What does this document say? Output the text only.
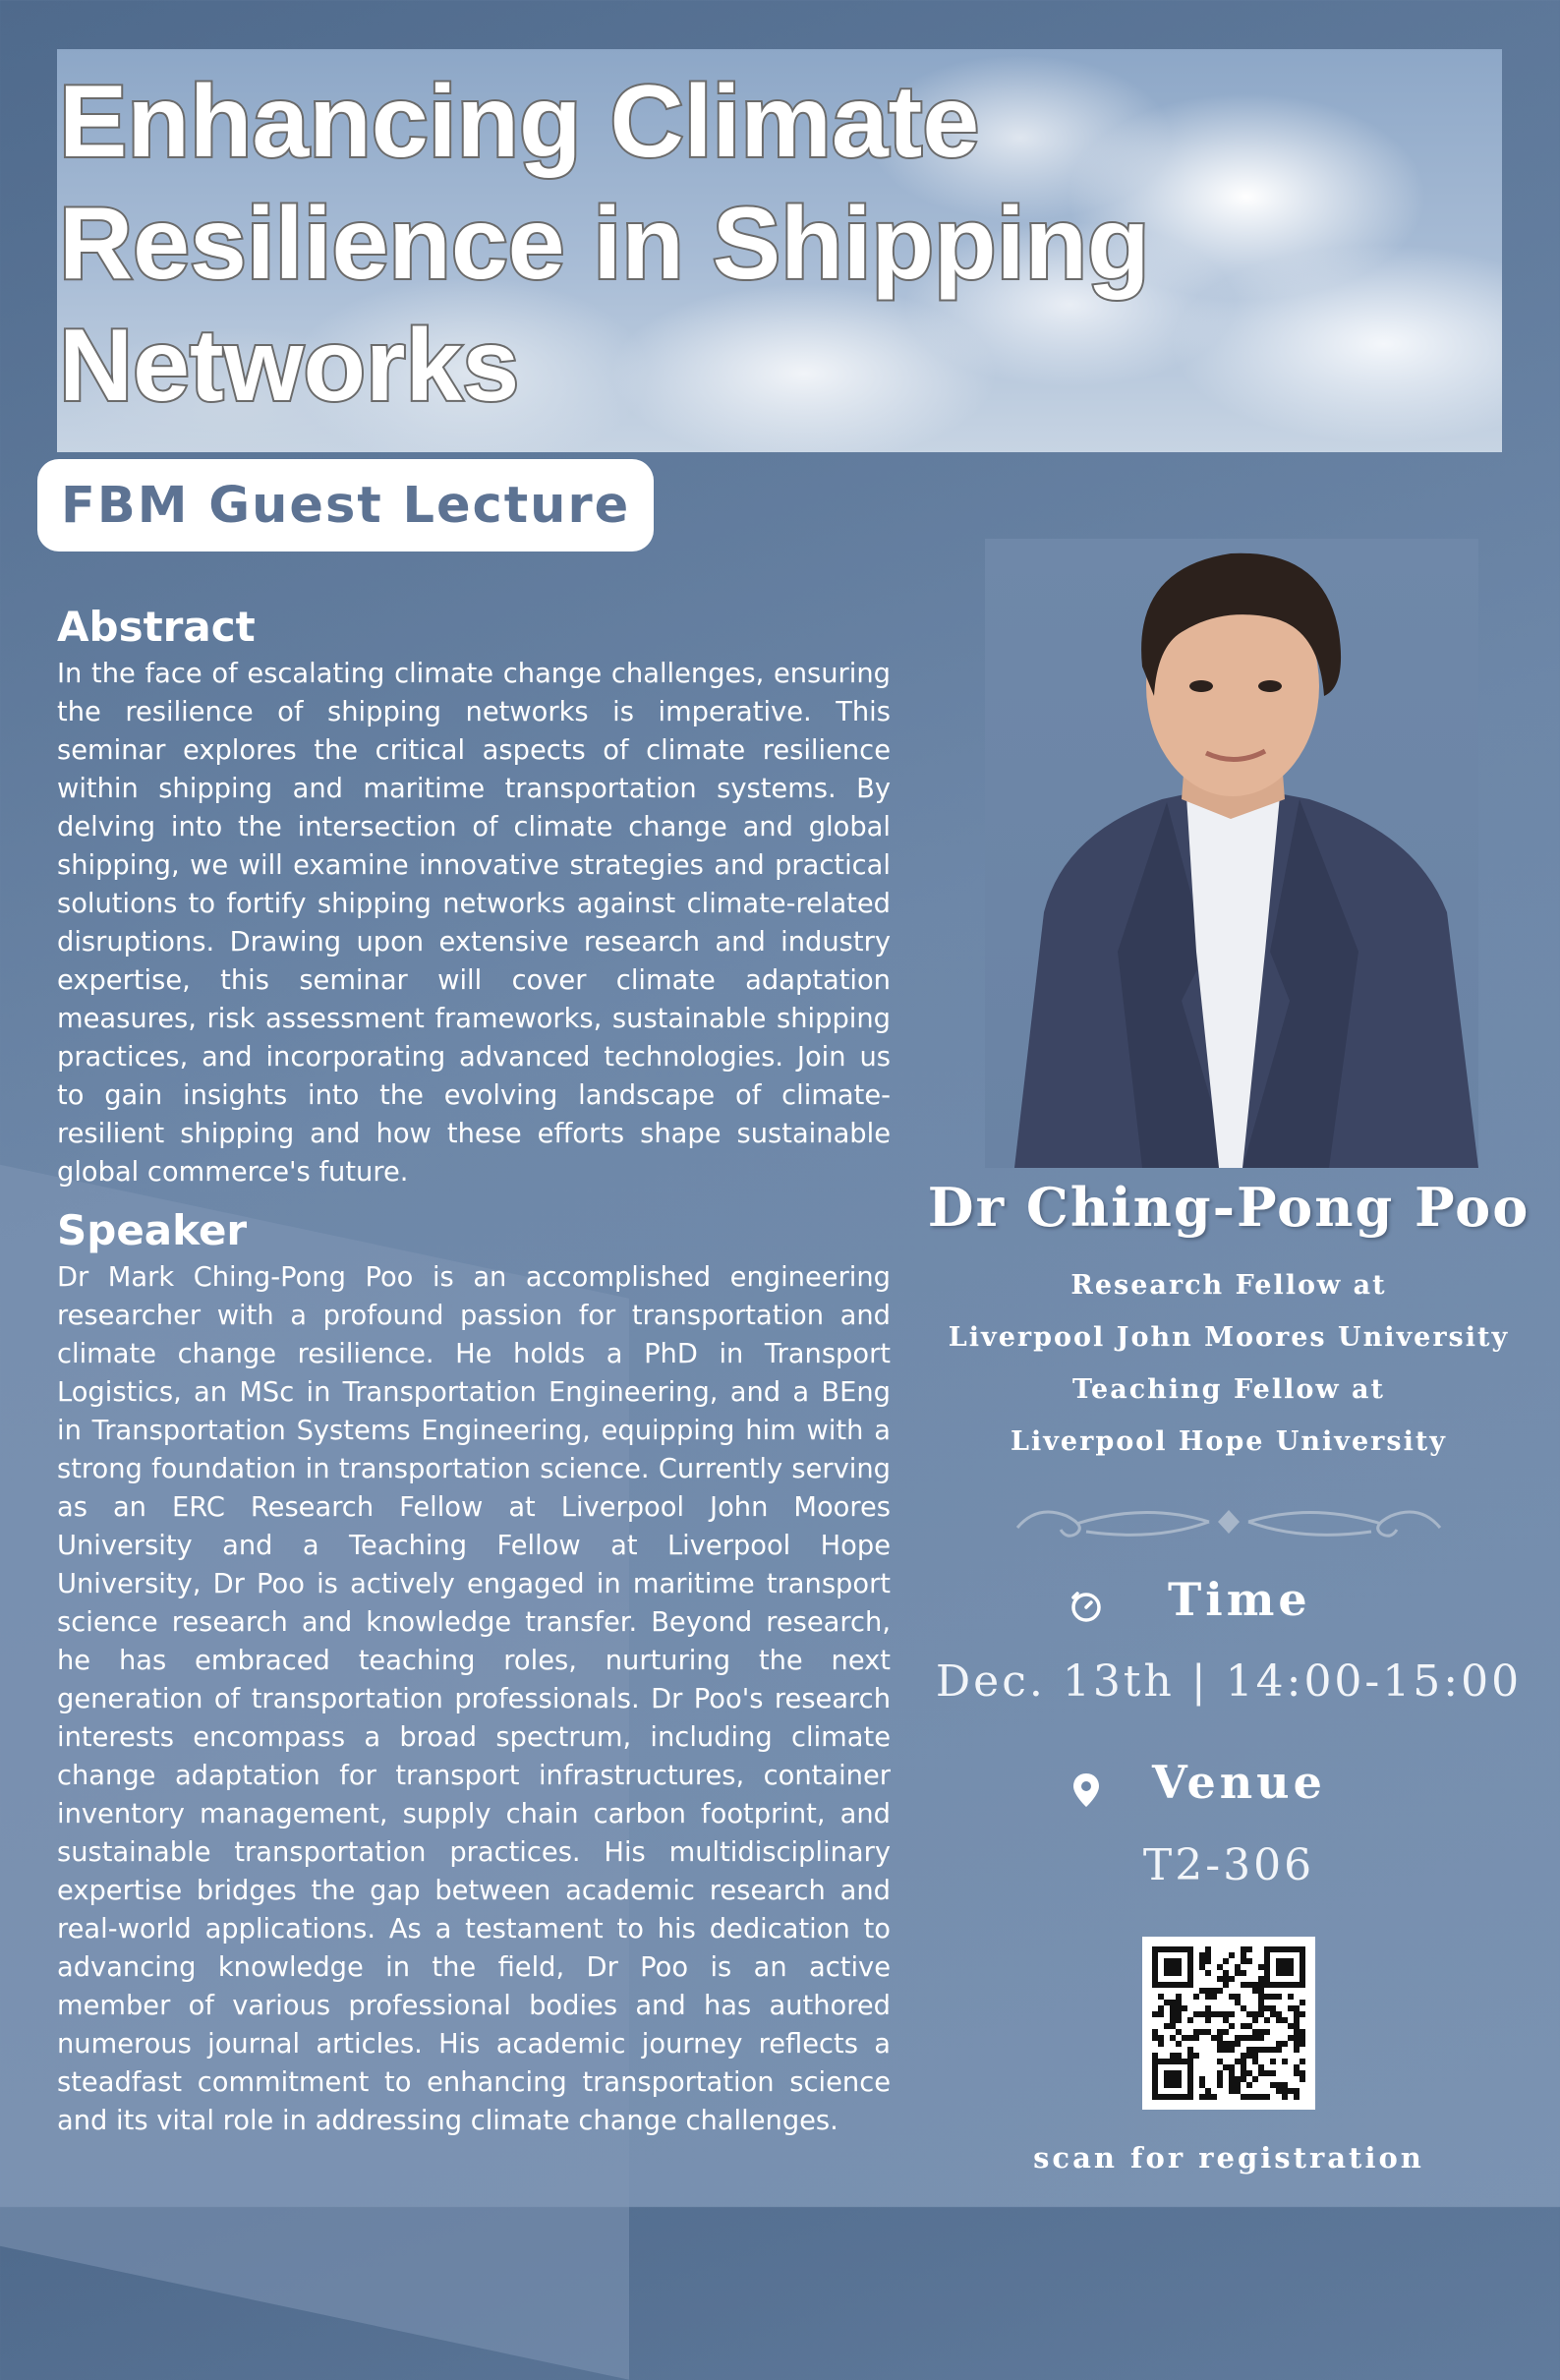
Enhancing Climate Resilience in Shipping Networks
FBM Guest Lecture
Abstract

In the face of escalating climate change challenges, ensuring the resilience of shipping networks is imperative. This seminar explores the critical aspects of climate resilience within shipping and maritime transportation systems. By delving into the intersection of climate change and global shipping, we will examine innovative strategies and practical solutions to fortify shipping networks against climate-related disruptions. Drawing upon extensive research and industry expertise, this seminar will cover climate adaptation measures, risk assessment frameworks, sustainable shipping practices, and incorporating advanced technologies. Join us to gain insights into the evolving landscape of climate-resilient shipping and how these efforts shape sustainable global commerce's future.

Speaker

Dr Mark Ching-Pong Poo is an accomplished engineering researcher with a profound passion for transportation and climate change resilience. He holds a PhD in Transport Logistics, an MSc in Transportation Engineering, and a BEng in Transportation Systems Engineering, equipping him with a strong foundation in transportation science. Currently serving as an ERC Research Fellow at Liverpool John Moores University and a Teaching Fellow at Liverpool Hope University, Dr Poo is actively engaged in maritime transport science research and knowledge transfer. Beyond research, he has embraced teaching roles, nurturing the next generation of transportation professionals. Dr Poo's research interests encompass a broad spectrum, including climate change adaptation for transport infrastructures, container inventory management, supply chain carbon footprint, and sustainable transportation practices. His multidisciplinary expertise bridges the gap between academic research and real-world applications. As a testament to his dedication to advancing knowledge in the field, Dr Poo is an active member of various professional bodies and has authored numerous journal articles. His academic journey reflects a steadfast commitment to enhancing transportation science and its vital role in addressing climate change challenges.

Dr Ching-Pong Poo

Research Fellow at

Liverpool John Moores University

Teaching Fellow at

Liverpool Hope University

Time

Dec. 13th | 14:00-15:00

Venue

T2-306

scan for registration
